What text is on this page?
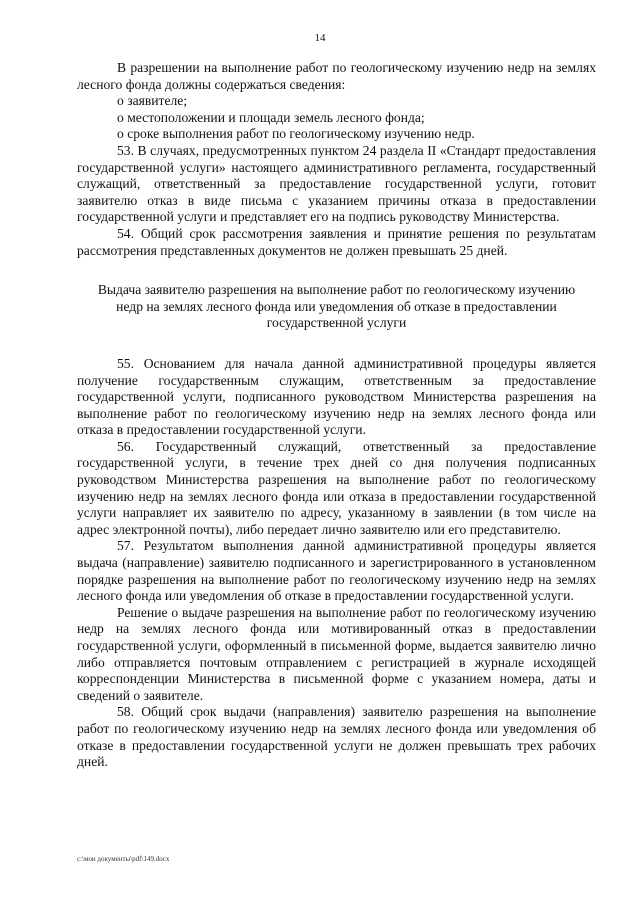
14

В разрешении на выполнение работ по геологическому изучению недр на землях лесного фонда должны содержаться сведения:

о заявителе;

о местоположении и площади земель лесного фонда;

о сроке выполнения работ по геологическому изучению недр.

53. В случаях, предусмотренных пунктом 24 раздела II «Стандарт предоставления государственной услуги» настоящего административного регламента, государственный служащий, ответственный за предоставление государственной услуги, готовит заявителю отказ в виде письма с указанием причины отказа в предоставлении государственной услуги и представляет его на подпись руководству Министерства.

54. Общий срок рассмотрения заявления и принятие решения по результатам рассмотрения представленных документов не должен превышать 25 дней.

Выдача заявителю разрешения на выполнение работ по геологическому изучению недр на землях лесного фонда или уведомления об отказе в предоставлении государственной услуги

55. Основанием для начала данной административной процедуры является получение государственным служащим, ответственным за предоставление государственной услуги, подписанного руководством Министерства разрешения на выполнение работ по геологическому изучению недр на землях лесного фонда или отказа в предоставлении государственной услуги.

56. Государственный служащий, ответственный за предоставление государственной услуги, в течение трех дней со дня получения подписанных руководством Министерства разрешения на выполнение работ по геологическому изучению недр на землях лесного фонда или отказа в предоставлении государственной услуги направляет их заявителю по адресу, указанному в заявлении (в том числе на адрес электронной почты), либо передает лично заявителю или его представителю.

57. Результатом выполнения данной административной процедуры является выдача (направление) заявителю подписанного и зарегистрированного в установленном порядке разрешения на выполнение работ по геологическому изучению недр на землях лесного фонда или уведомления об отказе в предоставлении государственной услуги.

Решение о выдаче разрешения на выполнение работ по геологическому изучению недр на землях лесного фонда или мотивированный отказ в предоставлении государственной услуги, оформленный в письменной форме, выдается заявителю лично либо отправляется почтовым отправлением с регистрацией в журнале исходящей корреспонденции Министерства в письменной форме с указанием номера, даты и сведений о заявителе.

58. Общий срок выдачи (направления) заявителю разрешения на выполнение работ по геологическому изучению недр на землях лесного фонда или уведомления об отказе в предоставлении государственной услуги не должен превышать трех рабочих дней.

c:\мои документы\pdf\149.docx
